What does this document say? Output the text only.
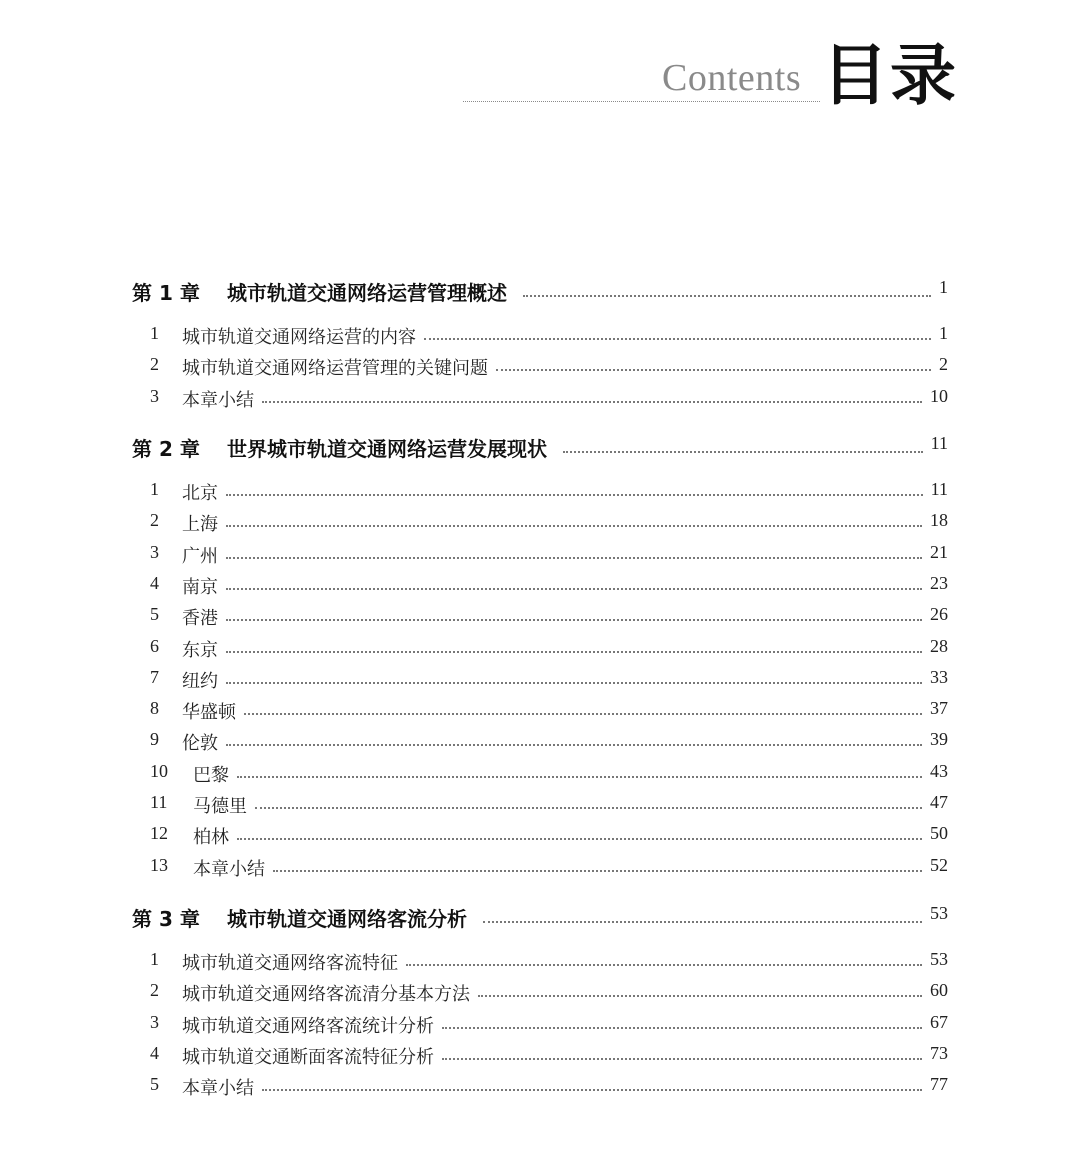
Contents 目录
第 1 章 城市轨道交通网络运营管理概述	1
1 城市轨道交通网络运营的内容	1
2 城市轨道交通网络运营管理的关键问题	2
3 本章小结	10
第 2 章 世界城市轨道交通网络运营发展现状	11
1 北京	11
2 上海	18
3 广州	21
4 南京	23
5 香港	26
6 东京	28
7 纽约	33
8 华盛顿	37
9 伦敦	39
10 巴黎	43
11 马德里	47
12 柏林	50
13 本章小结	52
第 3 章 城市轨道交通网络客流分析	53
1 城市轨道交通网络客流特征	53
2 城市轨道交通网络客流清分基本方法	60
3 城市轨道交通网络客流统计分析	67
4 城市轨道交通断面客流特征分析	73
5 本章小结	77
